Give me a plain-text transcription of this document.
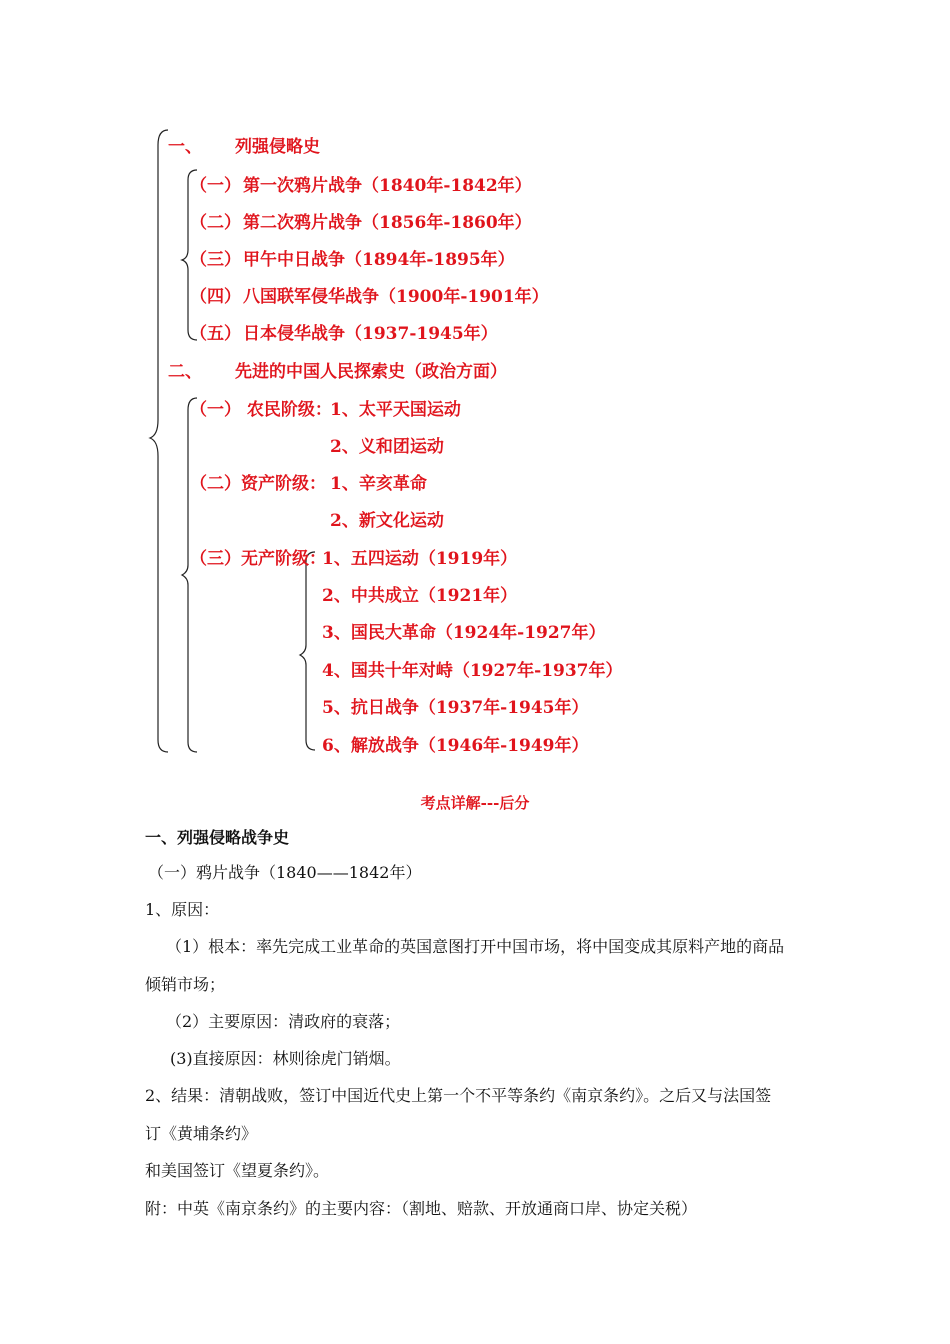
一、 列强侵略史
（一） 第一次鸦片战争（1840年-1842年）
（二） 第二次鸦片战争（1856年-1860年）
（三） 甲午中日战争（1894年-1895年）
（四） 八国联军侵华战争（1900年-1901年）
（五） 日本侵华战争（1937-1945年）
二、 先进的中国人民探索史（政治方面）
（一） 农民阶级：
1、太平天国运动
2、义和团运动
（二）资产阶级： 1、辛亥革命
2、新文化运动
（三）无产阶级：
1、五四运动（1919年）
2、中共成立（1921年）
3、国民大革命（1924年-1927年）
4、国共十年对峙（1927年-1937年）
5、抗日战争（1937年-1945年）
6、解放战争（1946年-1949年）
考点详解---后分
一、列强侵略战争史
（一）鸦片战争（1840——1842年）
1、原因：
（1）根本：率先完成工业革命的英国意图打开中国市场，将中国变成其原料产地的商品
倾销市场；
（2）主要原因：清政府的衰落；
(3)直接原因：林则徐虎门销烟。
2、结果：清朝战败，签订中国近代史上第一个不平等条约《南京条约》。之后又与法国签
订《黄埔条约》
和美国签订《望夏条约》。
附：中英《南京条约》的主要内容：（割地、赔款、开放通商口岸、协定关税）
